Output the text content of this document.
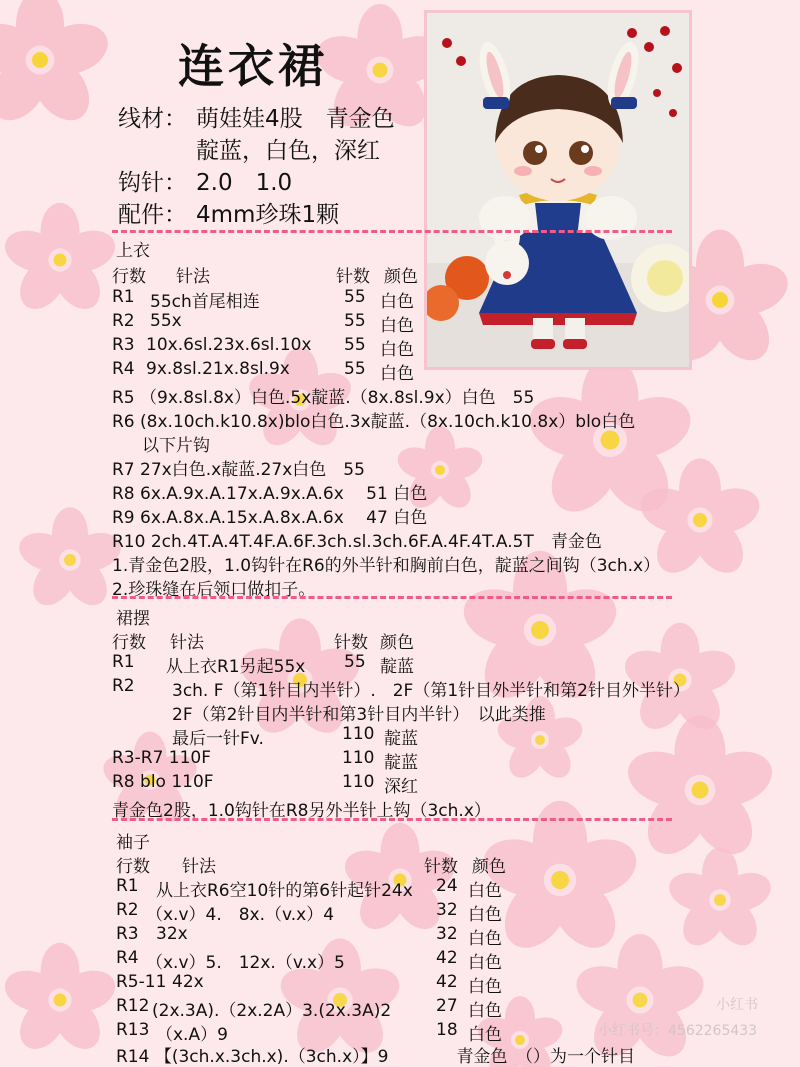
连衣裙
线材： 萌娃娃4股　青金色
靛蓝，白色，深红
钩针： 2.0　1.0
配件： 4mm珍珠1颗
上衣
行数 针法	针数 颜色
R1 55ch首尾相连	55 白色
R2 55x	55 白色
R3 10x.6sl.23x.6sl.10x 55 白色
R4 9x.8sl.21x.8sl.9x	55 白色
R5 （9x.8sl.8x）白色.5x靛蓝.（8x.8sl.9x）白色　55
R6 (8x.10ch.k10.8x)blo白色.3x靛蓝.（8x.10ch.k10.8x）blo白色
以下片钩
R7 27x白色.x靛蓝.27x白色　55
R8 6x.A.9x.A.17x.A.9x.A.6x　 51 白色
R9 6x.A.8x.A.15x.A.8x.A.6x　 47 白色
R10 2ch.4T.A.4T.4F.A.6F.3ch.sl.3ch.6F.A.4F.4T.A.5T　青金色
1.青金色2股，1.0钩针在R6的外半针和胸前白色，靛蓝之间钩（3ch.x）
2.珍珠缝在后领口做扣子。
裙摆
行数 针法	针数 颜色
R1 从上衣R1另起55x 55 靛蓝
R2 3ch. F（第1针目内半针）.　2F（第1针目外半针和第2针目外半针）
2F（第2针目内半针和第3针目内半针）　以此类推
最后一针Fv.	110 靛蓝
R3-R7 110F	110 靛蓝
R8 blo 110F	110 深红
青金色2股，1.0钩针在R8另外半针上钩（3ch.x）
袖子
行数 针法	针数 颜色
R1 从上衣R6空10针的第6针起针24x 24 白色
R2 （x.v）4.　8x.（v.x）4	32 白色
R3 32x	32 白色
R4 （x.v）5.　12x.（v.x）5	42 白色
R5-11 42x	42 白色
R12 (2x.3A).（2x.2A）3.(2x.3A)2	27 白色
R13 （x.A）9	18 白色
R14 【(3ch.x.3ch.x).（3ch.x）】9　　　　青金色　（）为一个针目
小红书
小红书号：4562265433
